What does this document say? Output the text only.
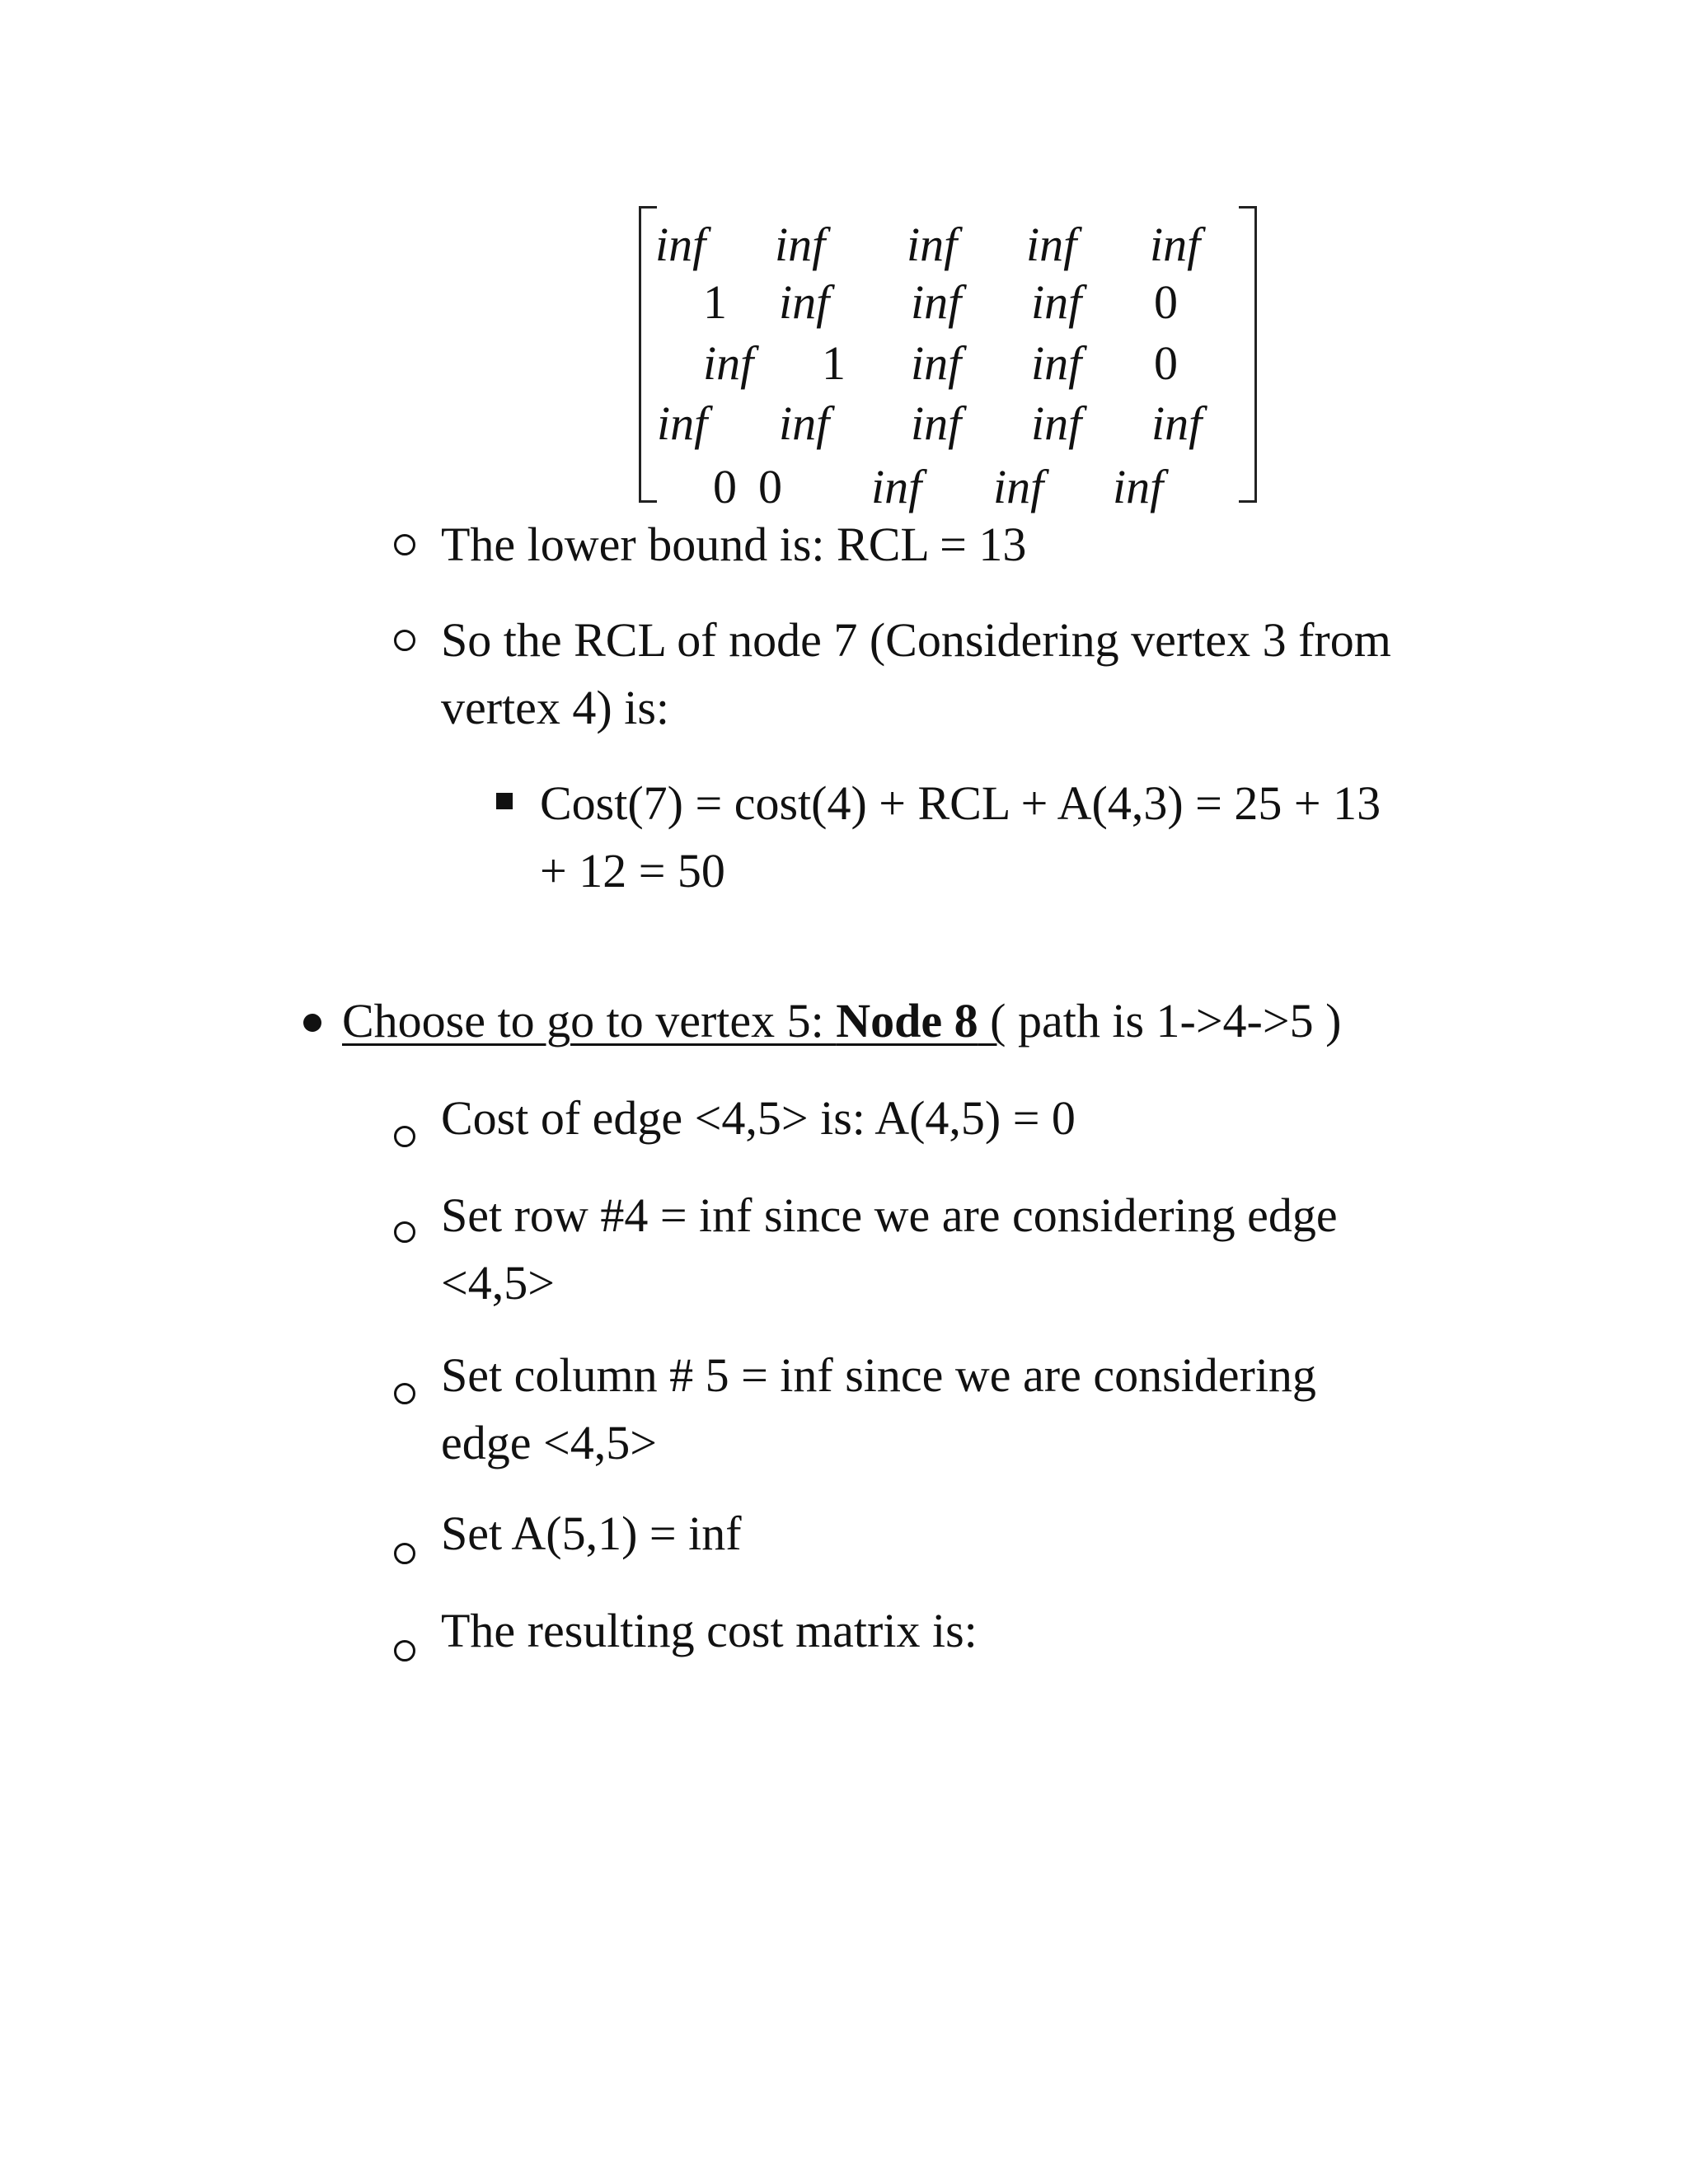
inf inf inf inf inf
1 inf inf inf 0
inf 1 inf inf 0
inf inf inf inf inf
0 0 inf inf inf
The lower bound is: RCL = 13
So the RCL of node 7 (Considering vertex 3 from
vertex 4) is:
Cost(7) = cost(4) + RCL + A(4,3) = 25 + 13
+ 12 = 50
Choose to go to vertex 5: Node 8 ( path is 1->4->5 )
Cost of edge <4,5> is: A(4,5) = 0
Set row #4 = inf since we are considering edge
<4,5>
Set column # 5 = inf since we are considering
edge <4,5>
Set A(5,1) = inf
The resulting cost matrix is:
